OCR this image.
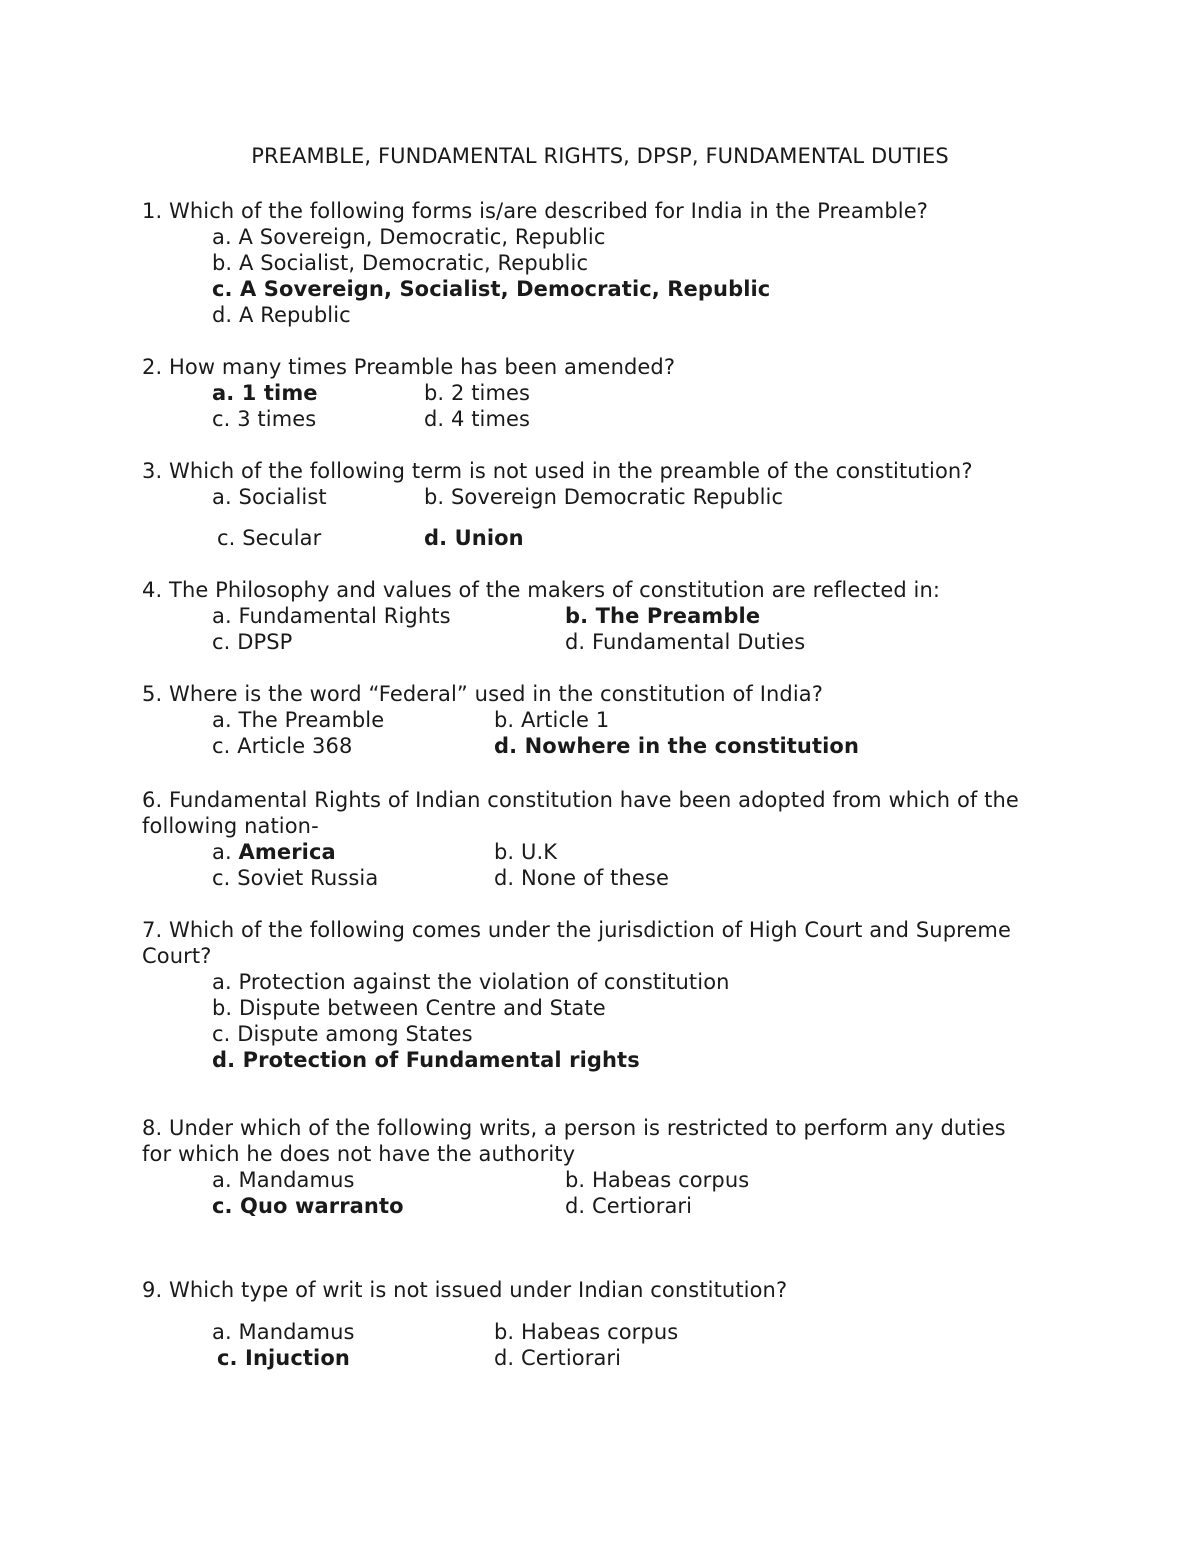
PREAMBLE, FUNDAMENTAL RIGHTS, DPSP, FUNDAMENTAL DUTIES
1. Which of the following forms is/are described for India in the Preamble?
a. A Sovereign, Democratic, Republic
b. A Socialist, Democratic, Republic
c. A Sovereign, Socialist, Democratic, Republic
d. A Republic
2. How many times Preamble has been amended?
a. 1 time	b. 2 times
c. 3 times	d. 4 times
3. Which of the following term is not used in the preamble of the constitution?
a. Socialist	b. Sovereign Democratic Republic
c. Secular	d. Union
4. The Philosophy and values of the makers of constitution are reflected in:
a. Fundamental Rights	b. The Preamble
c. DPSP	d. Fundamental Duties
5. Where is the word “Federal” used in the constitution of India?
a. The Preamble	b. Article 1
c. Article 368	d. Nowhere in the constitution
6. Fundamental Rights of Indian constitution have been adopted from which of the
following nation-
a. America	b. U.K
c. Soviet Russia	d. None of these
7. Which of the following comes under the jurisdiction of High Court and Supreme
Court?
a. Protection against the violation of constitution
b. Dispute between Centre and State
c. Dispute among States
d. Protection of Fundamental rights
8. Under which of the following writs, a person is restricted to perform any duties
for which he does not have the authority
a. Mandamus	b. Habeas corpus
c. Quo warranto	d. Certiorari
9. Which type of writ is not issued under Indian constitution?
a. Mandamus	b. Habeas corpus
c. Injuction	d. Certiorari
